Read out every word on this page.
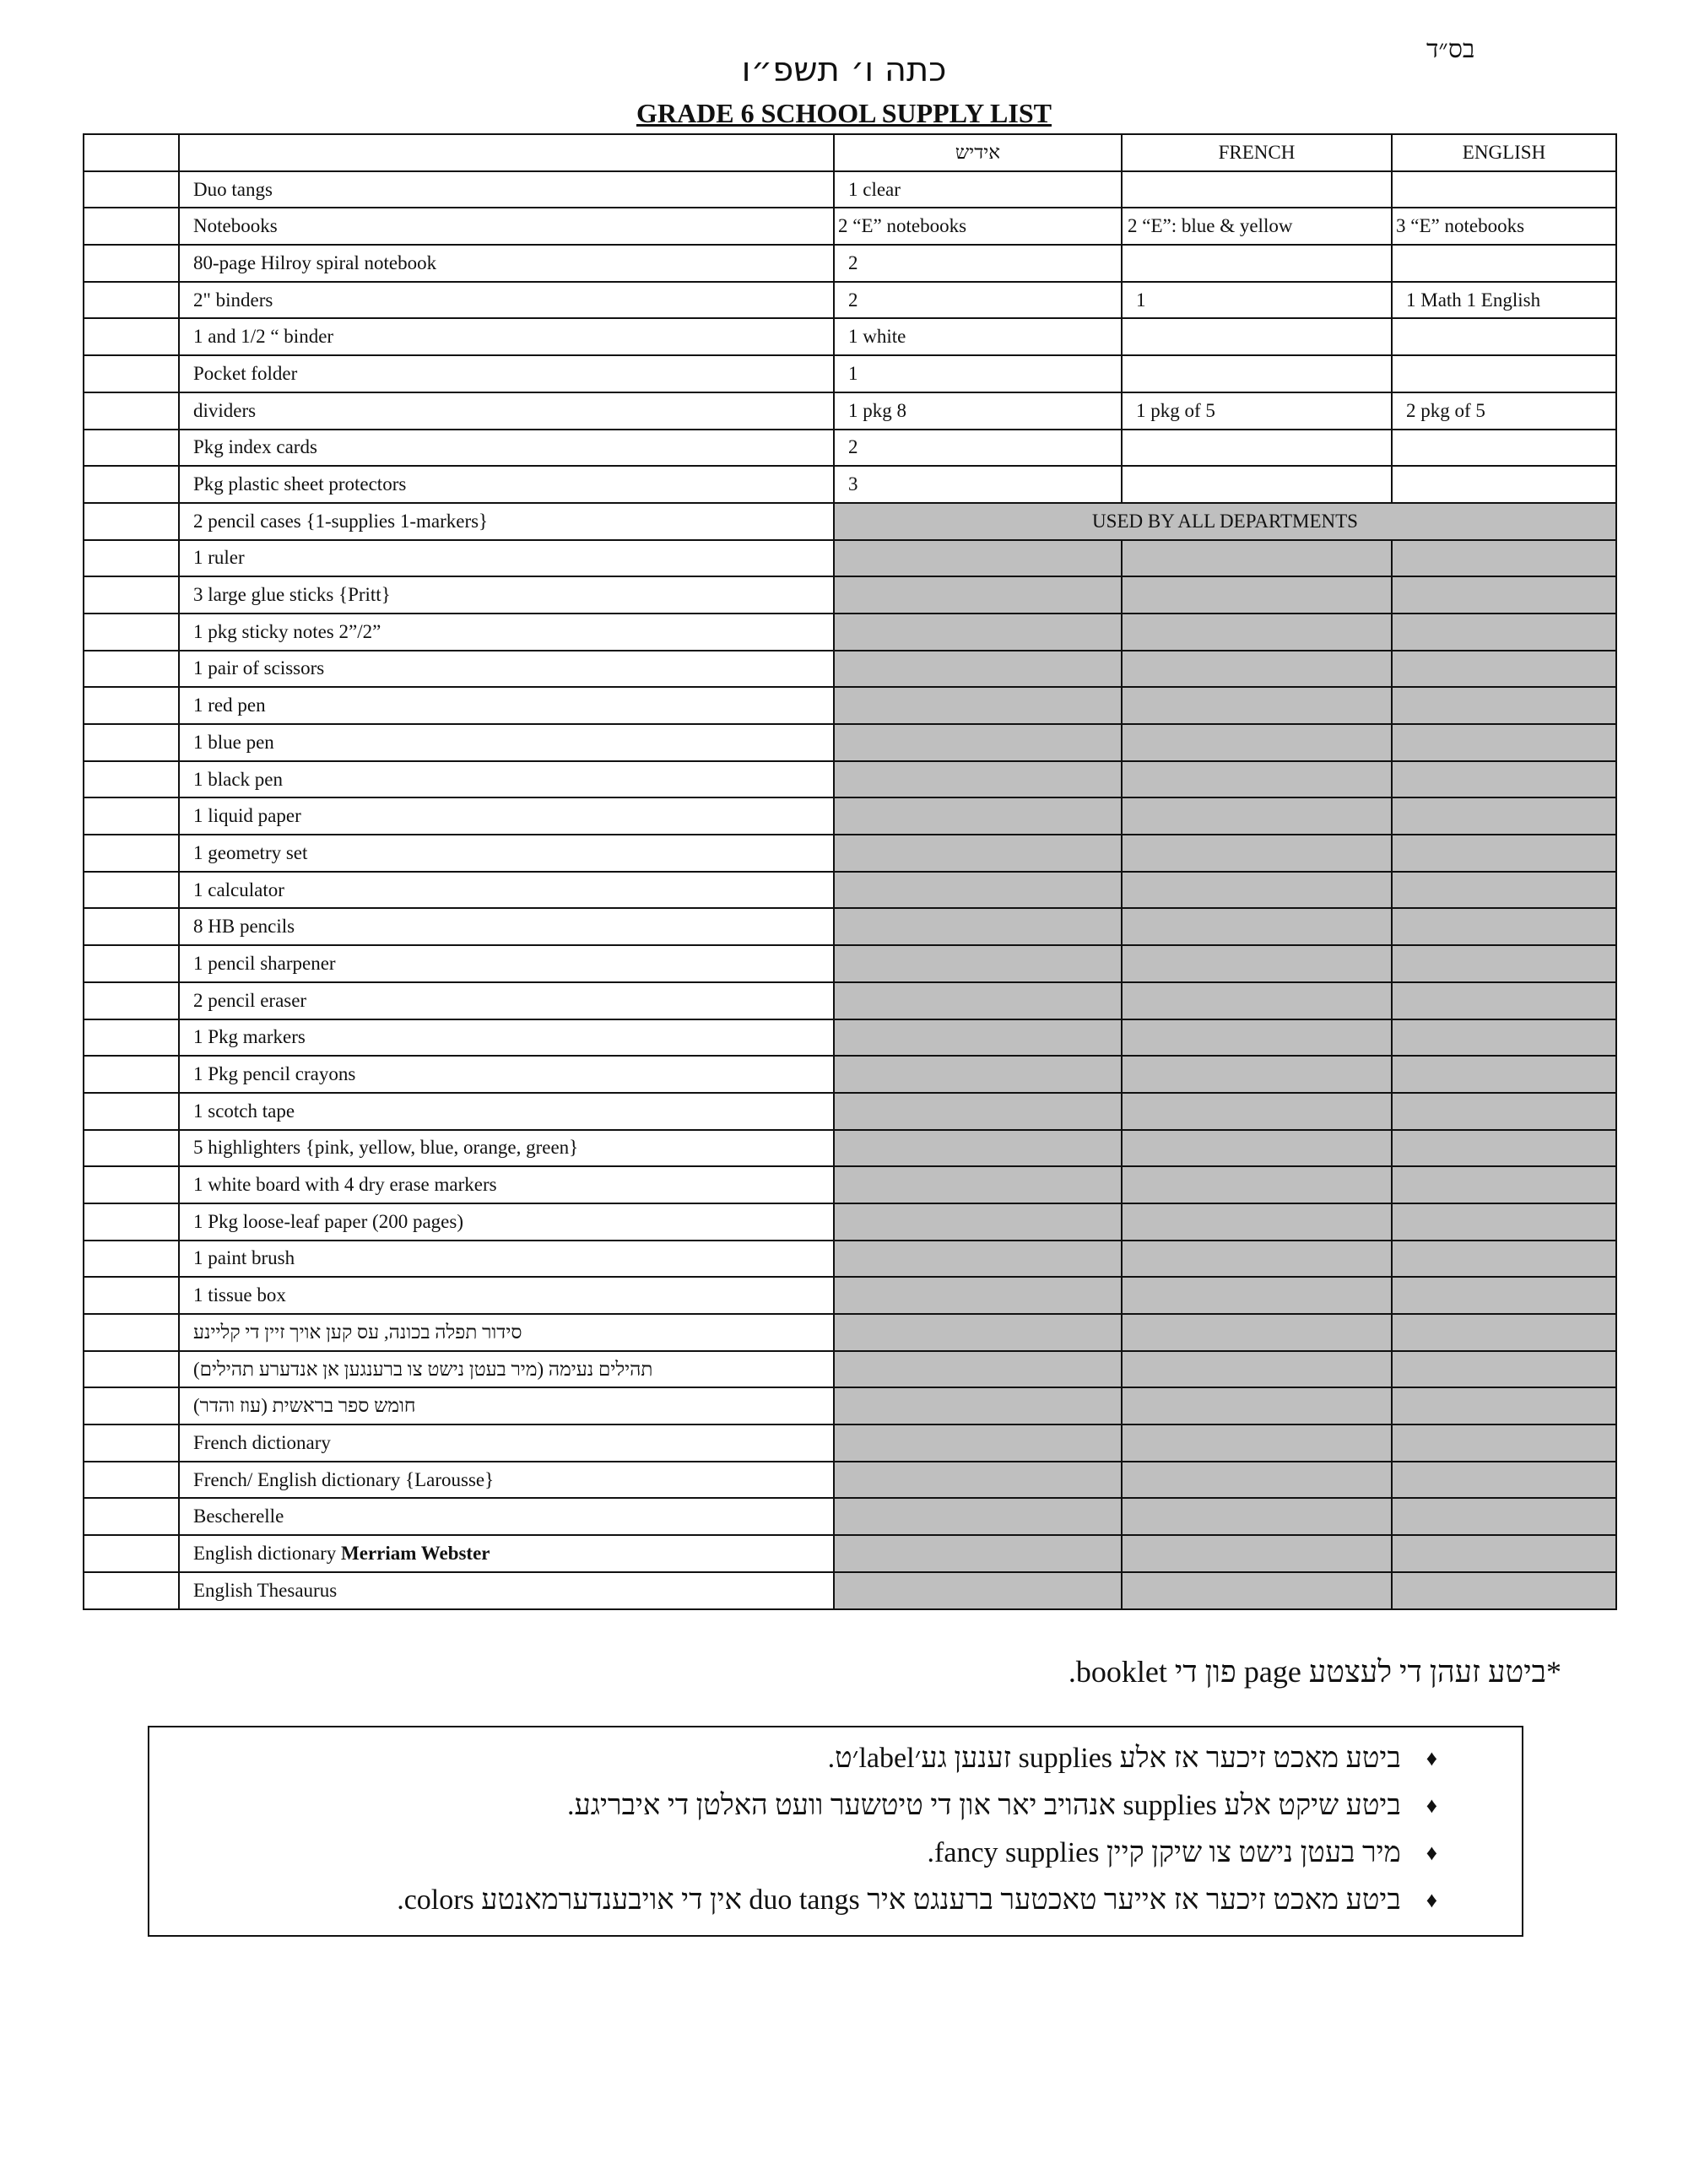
בס״ד
כתה ו׳ תשפ״ו
GRADE 6 SCHOOL SUPPLY LIST
		אידיש	FRENCH	ENGLISH
	Duo tangs	1 clear		
	Notebooks	2 “E” notebooks	2 “E”: blue & yellow	3 “E” notebooks
	80-page Hilroy spiral notebook	2		
	2" binders	2	1	1 Math 1 English
	1 and 1/2 “ binder	1 white		
	Pocket folder	1		
	dividers	1 pkg 8	1 pkg of 5	2 pkg of 5
	Pkg index cards	2		
	Pkg plastic sheet protectors	3		
	2 pencil cases {1-supplies 1-markers}	USED BY ALL DEPARTMENTS		
	1 ruler			
	3 large glue sticks {Pritt}			
	1 pkg sticky notes 2”/2”			
	1 pair of scissors			
	1 red pen			
	1 blue pen			
	1 black pen			
	1 liquid paper			
	1 geometry set			
	1 calculator			
	8 HB pencils			
	1 pencil sharpener			
	2 pencil eraser			
	1 Pkg markers			
	1 Pkg pencil crayons			
	1 scotch tape			
	5 highlighters {pink, yellow, blue, orange, green}			
	1 white board with 4 dry erase markers			
	1 Pkg loose-leaf paper (200 pages)			
	1 paint brush			
	1 tissue box			
	סידור תפלה בכונה, עס קען אויך זיין די קליינע			
	תהילים נעימה (מיר בעטן נישט צו ברענגען אן אנדערע תהילים)			
	חומש ספר בראשית (עוז והדר)			
	French dictionary			
	French/ English dictionary {Larousse}			
	Bescherelle			
	English dictionary Merriam Webster			
	English Thesaurus			
*ביטע זעהן די לעצטע page פון די booklet.
♦
ביטע מאכט זיכער אז אלע supplies זענען גע׳label׳ט.
♦
ביטע שיקט אלע supplies אנהויב יאר און די טיטשער וועט האלטן די איבריגע.
♦
מיר בעטן נישט צו שיקן קיין fancy supplies.
♦
ביטע מאכט זיכער אז אייער טאכטער ברענגט איר duo tangs אין די אויבענדערמאנטע colors.
